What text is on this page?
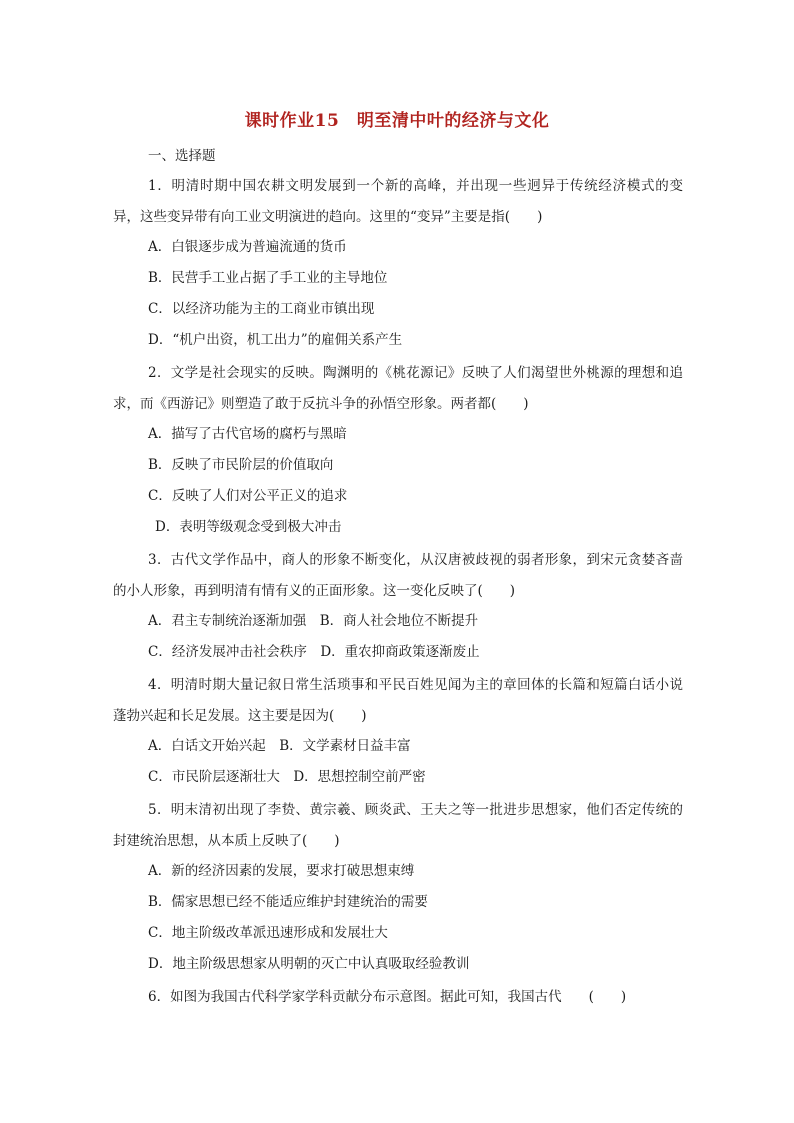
课时作业15　明至清中叶的经济与文化
一、选择题
1．明清时期中国农耕文明发展到一个新的高峰，并出现一些迥异于传统经济模式的变异，这些变异带有向工业文明演进的趋向。这里的“变异”主要是指(　　)
A．白银逐步成为普遍流通的货币
B．民营手工业占据了手工业的主导地位
C．以经济功能为主的工商业市镇出现
D．“机户出资，机工出力”的雇佣关系产生
2．文学是社会现实的反映。陶渊明的《桃花源记》反映了人们渴望世外桃源的理想和追求，而《西游记》则塑造了敢于反抗斗争的孙悟空形象。两者都(　　)
A．描写了古代官场的腐朽与黑暗
B．反映了市民阶层的价值取向
C．反映了人们对公平正义的追求
D．表明等级观念受到极大冲击
3．古代文学作品中，商人的形象不断变化，从汉唐被歧视的弱者形象，到宋元贪婪吝啬的小人形象，再到明清有情有义的正面形象。这一变化反映了(　　)
A．君主专制统治逐渐加强　B．商人社会地位不断提升
C．经济发展冲击社会秩序　D．重农抑商政策逐渐废止
4．明清时期大量记叙日常生活琐事和平民百姓见闻为主的章回体的长篇和短篇白话小说蓬勃兴起和长足发展。这主要是因为(　　)
A．白话文开始兴起　B．文学素材日益丰富
C．市民阶层逐渐壮大　D．思想控制空前严密
5．明末清初出现了李贽、黄宗羲、顾炎武、王夫之等一批进步思想家，他们否定传统的封建统治思想，从本质上反映了(　　)
A．新的经济因素的发展，要求打破思想束缚
B．儒家思想已经不能适应维护封建统治的需要
C．地主阶级改革派迅速形成和发展壮大
D．地主阶级思想家从明朝的灭亡中认真吸取经验教训
6．如图为我国古代科学家学科贡献分布示意图。据此可知，我国古代　　(　　)
